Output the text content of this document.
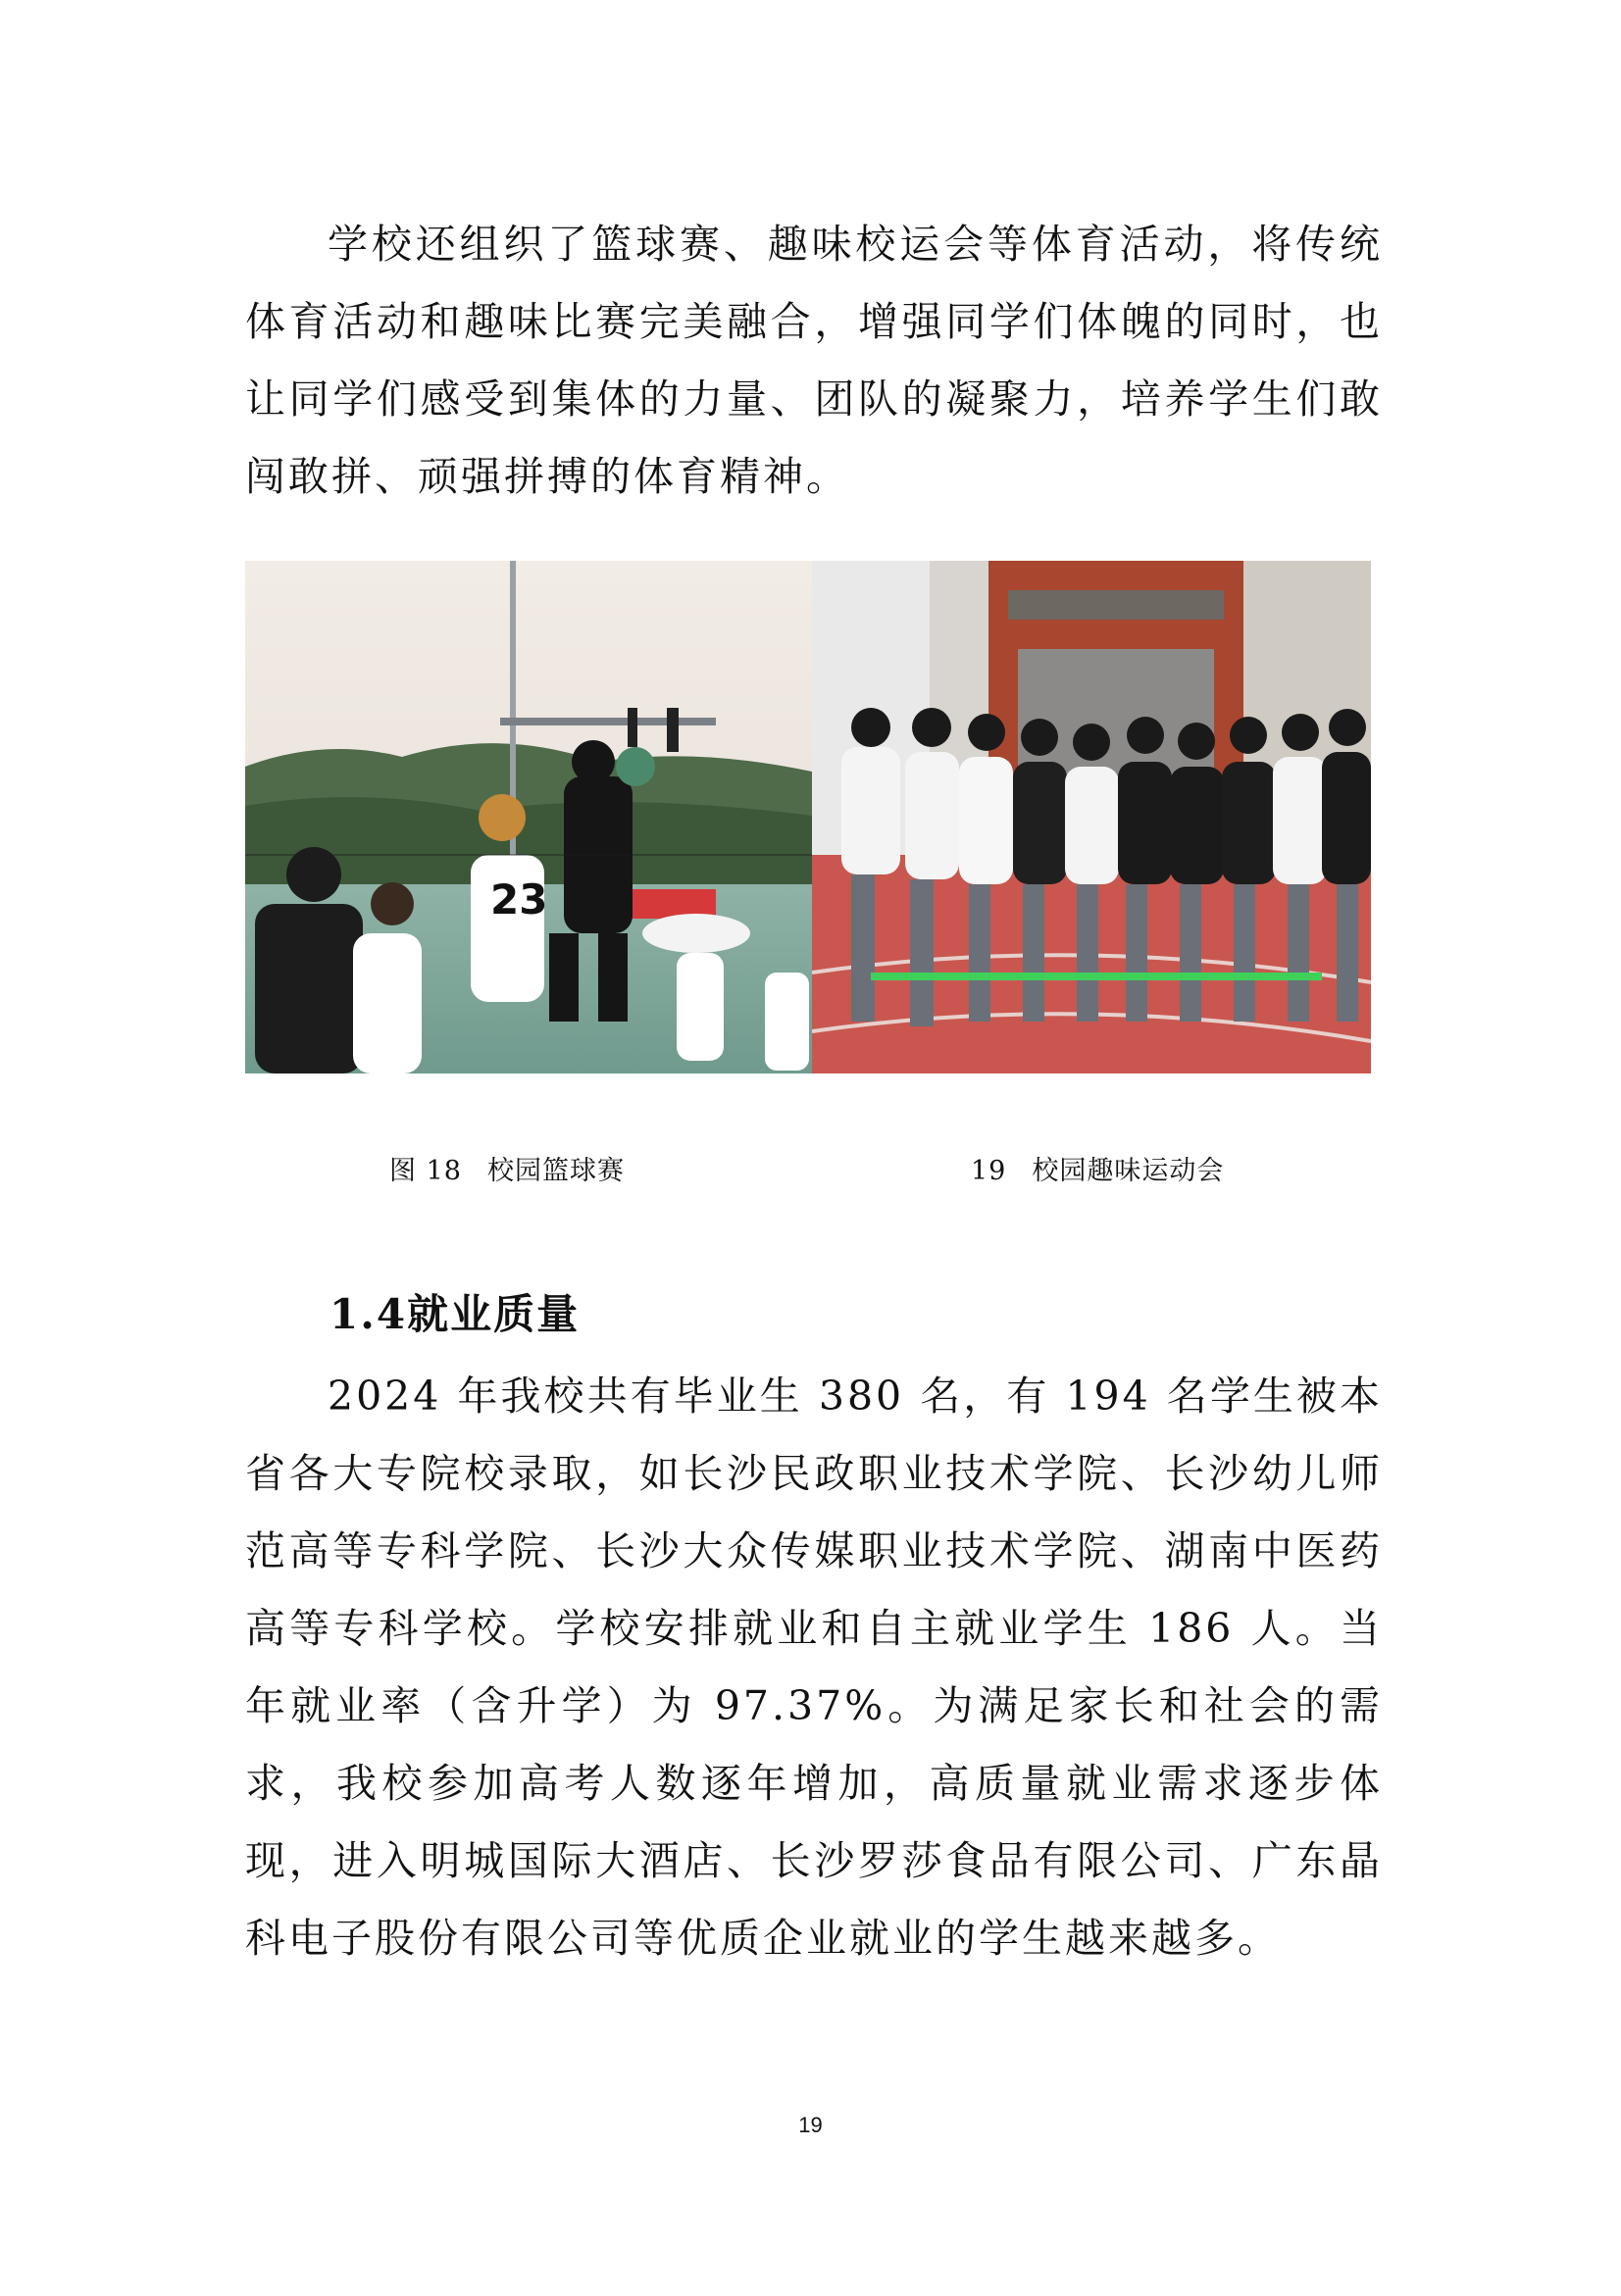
学校还组织了篮球赛、趣味校运会等体育活动，将传统体育活动和趣味比赛完美融合，增强同学们体魄的同时，也让同学们感受到集体的力量、团队的凝聚力，培养学生们敢闯敢拼、顽强拼搏的体育精神。

23
图 18 校园篮球赛	19 校园趣味运动会
1.4就业质量

2024 年我校共有毕业生 380 名，有 194 名学生被本省各大专院校录取，如长沙民政职业技术学院、长沙幼儿师范高等专科学院、长沙大众传媒职业技术学院、湖南中医药高等专科学校。学校安排就业和自主就业学生 186 人。当年就业率（含升学）为 97.37%。为满足家长和社会的需求，我校参加高考人数逐年增加，高质量就业需求逐步体现，进入明城国际大酒店、长沙罗莎食品有限公司、广东晶科电子股份有限公司等优质企业就业的学生越来越多。

19
